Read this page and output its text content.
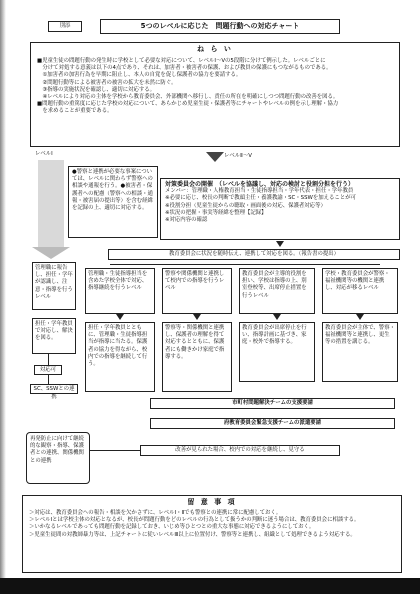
別添	5つのレベルに応じた　問題行動への対応チャート
ね ら い
■児童生徒の問題行動の発生時に学校として必要な対応について、レベルⅠ～Ⅴの5段階に分けて例示した。レベルごとに
　分けて対処する意義は以下の4点であり、それは、加害者・被害者の保護、および教員の保護にもつながるものである。
　①加害者の加害行為を早期に阻止し、本人の自覚を促し保護者の協力を要請する。
　②問題行動等による被害者の被害の拡大を未然に防ぐ。
　③指導の実施状況を確認し、適切に対応する。
　④レベルにより対応の主体を学校から教育委員会、外部機関へ移行し、責任の所在を明確にしつつ問題行動の改善を図る。
■問題行動の重篤度に応じた学校の対応について、あらかじめ児童生徒・保護者等にチャートやレベルの例を示し理解・協力
　を求めることが重要である。
レベルⅠ	レベルⅡ～Ⅴ
●警察と連携が必要な事案については、レベルに関わらず警察への相談や通報を行う。●被害者・保護者への配慮（警察への相談・通報・被害届の提出等）を含む経緯を記録の上、適切に対応する。
対策委員会の開催　（レベルを協議し、対応の検討と役割分担を行う）
メンバー：管理職・人権教育担当・生徒指導担当・学年代表・担任・学年教員
※必要に応じ、校長の判断で教頭主任・養護教諭・SC・SSWを加えることが可
※役割分担（児童生徒からの聴取・画面後の対応、保護者対応等）
※状況の把握・事実等経緯を整理【記録】
※対応内容の確認
教育委員会に状況を随時伝え、連携して対応を図る。（報告書の提出）
管理職に報告し、担任・学年が認識し、注意・指導を行うレベル
担任・学年教員で対応し、解決を図る。
対応可
SC、SSWとの連携
管理職・生徒指導担当を含めた学校全体で対応、指導継続を行うレベル
担任・学年教員とともに、管理職・生徒指導担当が指導に当たる。保護者の協力を得ながら、校内での指導を継続して行う。
警察や関係機関と連携して校内での指導を行うレベル
警察等・関係機関と連携し、保護者の理解を得て対応するとともに、保護者にも働きかけ家庭で指導する。
教育委員会が主導的役割を担い、学校は指導の上、別室登校等、出席停止措置を行うレベル
教育委員会が出席停止を行い、指導計画に基づき、家庭・校外で指導する。
学校・教育委員会が警察・福祉機関等の機関と連携し、対応が移るレベル
教育委員会が主体で、警察・福祉機関等と連携し、更生等の措置を講じる。
市町村問題解決チームの支援要請
府教育委員会緊急支援チームの派遣要請
再発防止に向けて継続的な観察・指導、保護者との連携、関係機関との連携
改善が見られた場合、校内での対応を継続し、見守る
留 意 事 項
＞対応は、教育委員会への報告・相談を欠かさずに、レベルⅠ・Ⅱでも警察との連携に常に配慮しておく。
＞レベルⅠとは学校主体の対応となるが、校長が問題行動をどのレベルの行為として扱うかの判断に迷う場合は、教育委員会に相談する。
＞いかなるレベルであっても問題行動を記録しておき、いじめ等ひとつとの重大な事態に対応できるようにしておく。
＞児童生徒間の対教師暴力等は、上記チャートに従いレベルⅢ以上に位置付け、警察等と連携し、組織として処理できるよう対応する。
